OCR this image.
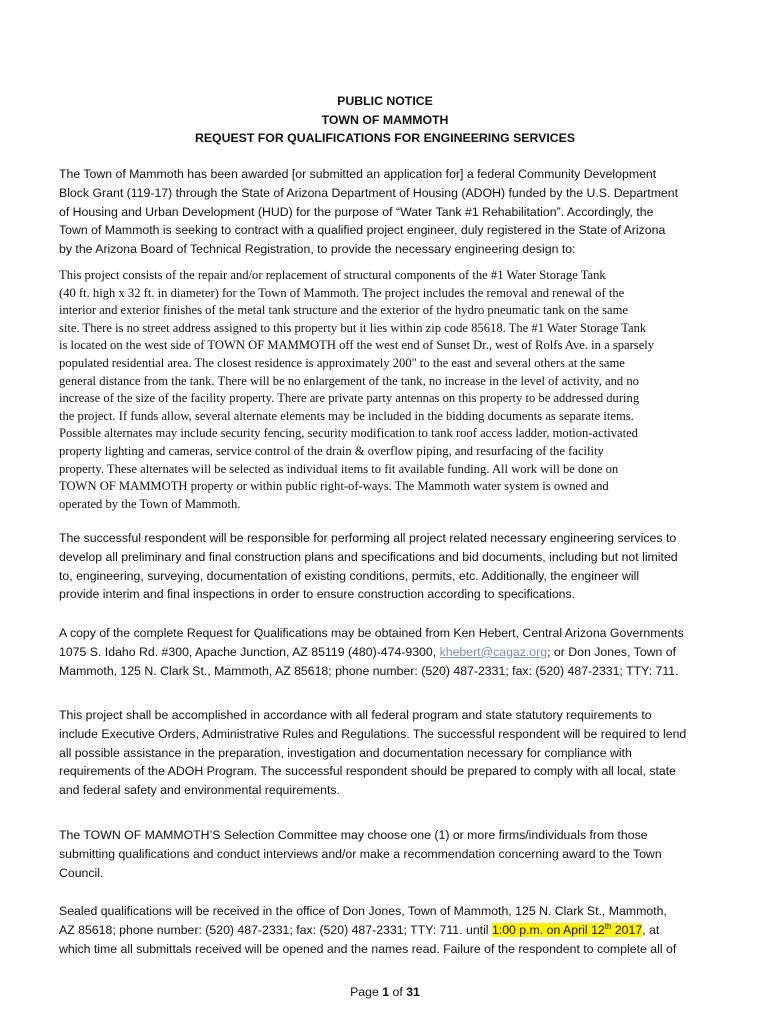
PUBLIC NOTICE
TOWN OF MAMMOTH
REQUEST FOR QUALIFICATIONS FOR ENGINEERING SERVICES
The Town of Mammoth has been awarded [or submitted an application for] a federal Community Development
Block Grant (119-17) through the State of Arizona Department of Housing (ADOH) funded by the U.S. Department
of Housing and Urban Development (HUD) for the purpose of “Water Tank #1 Rehabilitation”. Accordingly, the
Town of Mammoth is seeking to contract with a qualified project engineer, duly registered in the State of Arizona
by the Arizona Board of Technical Registration, to provide the necessary engineering design to:
This project consists of the repair and/or replacement of structural components of the #1 Water Storage Tank
(40 ft. high x 32 ft. in diameter) for the Town of Mammoth. The project includes the removal and renewal of the
interior and exterior finishes of the metal tank structure and the exterior of the hydro pneumatic tank on the same
site. There is no street address assigned to this property but it lies within zip code 85618. The #1 Water Storage Tank
is located on the west side of TOWN OF MAMMOTH off the west end of Sunset Dr., west of Rolfs Ave. in a sparsely
populated residential area. The closest residence is approximately 200" to the east and several others at the same
general distance from the tank. There will be no enlargement of the tank, no increase in the level of activity, and no
increase of the size of the facility property. There are private party antennas on this property to be addressed during
the project. If funds allow, several alternate elements may be included in the bidding documents as separate items.
Possible alternates may include security fencing, security modification to tank roof access ladder, motion-activated
property lighting and cameras, service control of the drain & overflow piping, and resurfacing of the facility
property. These alternates will be selected as individual items to fit available funding. All work will be done on
TOWN OF MAMMOTH property or within public right-of-ways. The Mammoth water system is owned and
operated by the Town of Mammoth.
The successful respondent will be responsible for performing all project related necessary engineering services to
develop all preliminary and final construction plans and specifications and bid documents, including but not limited
to, engineering, surveying, documentation of existing conditions, permits, etc. Additionally, the engineer will
provide interim and final inspections in order to ensure construction according to specifications.
A copy of the complete Request for Qualifications may be obtained from Ken Hebert, Central Arizona Governments
1075 S. Idaho Rd. #300, Apache Junction, AZ 85119 (480)-474-9300, khebert@cagaz.org; or Don Jones, Town of
Mammoth, 125 N. Clark St., Mammoth, AZ 85618; phone number: (520) 487-2331; fax: (520) 487-2331; TTY: 711.
This project shall be accomplished in accordance with all federal program and state statutory requirements to
include Executive Orders, Administrative Rules and Regulations. The successful respondent will be required to lend
all possible assistance in the preparation, investigation and documentation necessary for compliance with
requirements of the ADOH Program. The successful respondent should be prepared to comply with all local, state
and federal safety and environmental requirements.
The TOWN OF MAMMOTH’S Selection Committee may choose one (1) or more firms/individuals from those
submitting qualifications and conduct interviews and/or make a recommendation concerning award to the Town
Council.
Sealed qualifications will be received in the office of Don Jones, Town of Mammoth, 125 N. Clark St., Mammoth,
AZ 85618; phone number: (520) 487-2331; fax: (520) 487-2331; TTY: 711. until 1:00 p.m. on April 12th 2017, at
which time all submittals received will be opened and the names read. Failure of the respondent to complete all of
Page 1 of 31
